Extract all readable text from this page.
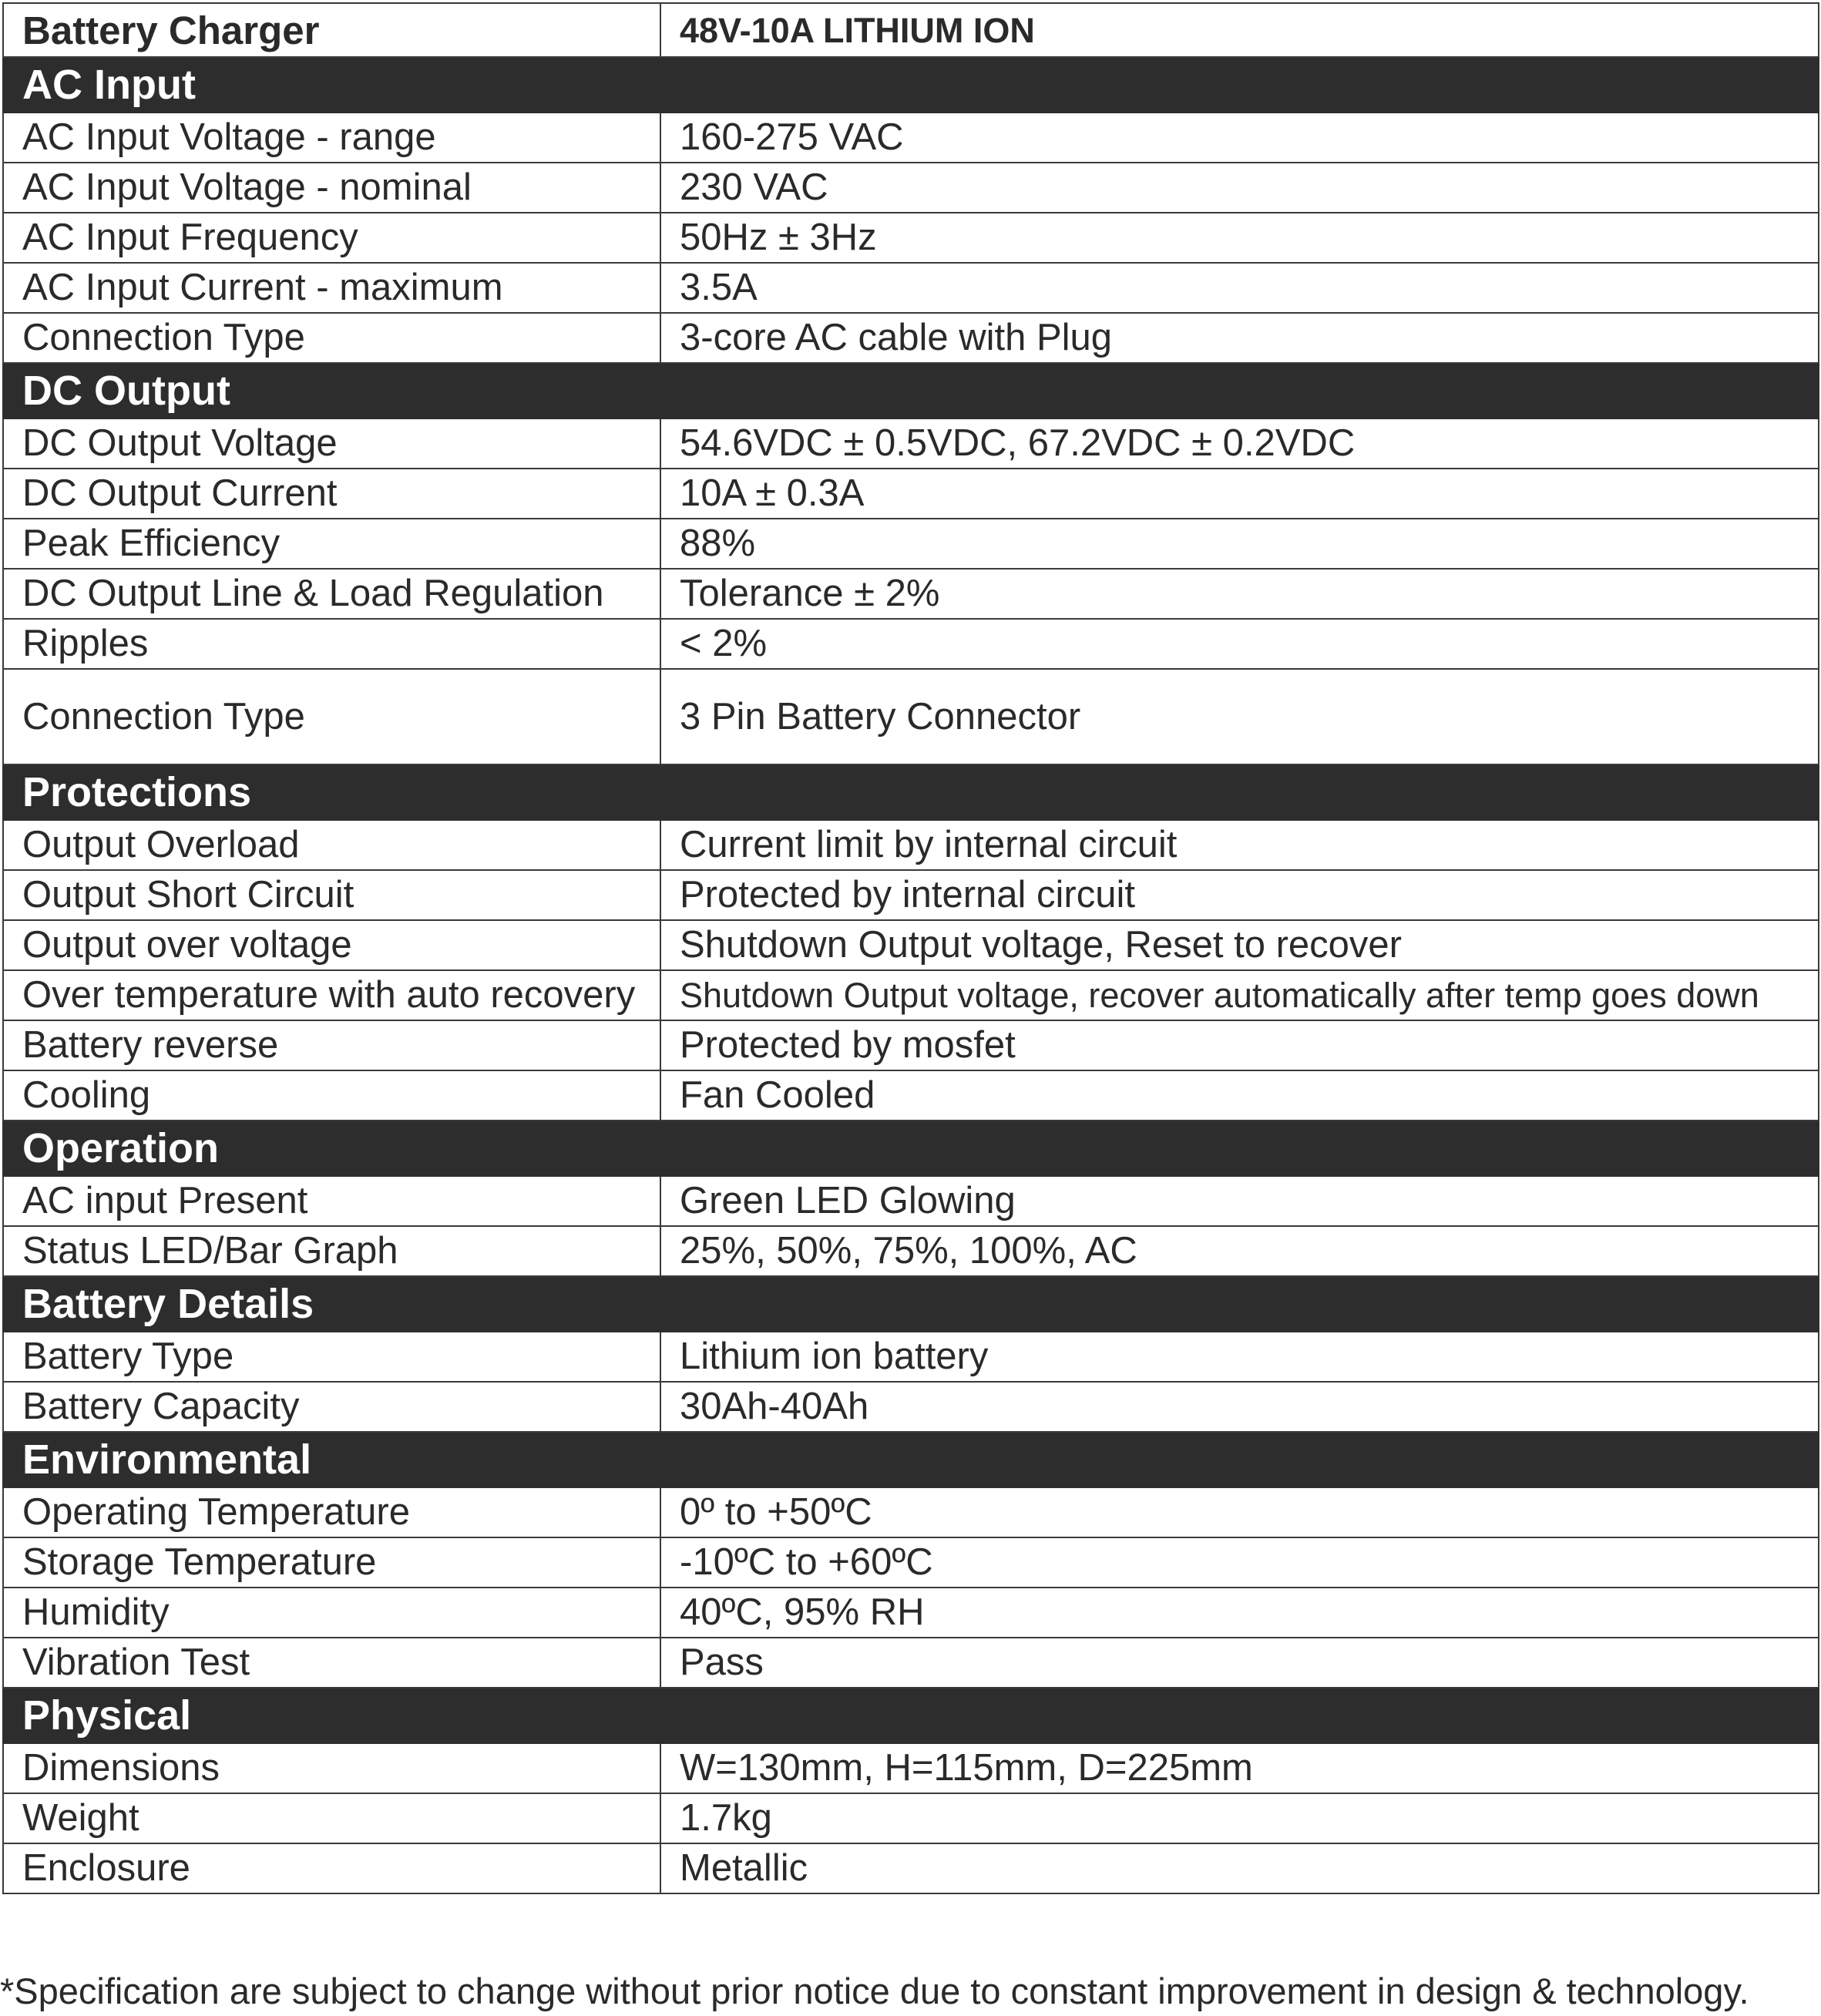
Battery Charger	48V-10A LITHIUM ION
AC Input	
AC Input Voltage - range	160-275 VAC
AC Input Voltage - nominal	230 VAC
AC Input Frequency	50Hz ± 3Hz
AC Input Current - maximum	3.5A
Connection Type	3-core AC cable with Plug
DC Output	
DC Output Voltage	54.6VDC ± 0.5VDC, 67.2VDC ± 0.2VDC
DC Output Current	10A ± 0.3A
Peak Efficiency	88%
DC Output Line & Load Regulation	Tolerance ± 2%
Ripples	< 2%
Connection Type	3 Pin Battery Connector
Protections	
Output Overload	Current limit by internal circuit
Output Short Circuit	Protected by internal circuit
Output over voltage	Shutdown Output voltage, Reset to recover
Over temperature with auto recovery	Shutdown Output voltage, recover automatically after temp goes down
Battery reverse	Protected by mosfet
Cooling	Fan Cooled
Operation	
AC input Present	Green LED Glowing
Status LED/Bar Graph	25%, 50%, 75%, 100%, AC
Battery Details	
Battery Type	Lithium ion battery
Battery Capacity	30Ah-40Ah
Environmental	
Operating Temperature	0º to +50ºC
Storage Temperature	-10ºC to +60ºC
Humidity	40ºC, 95% RH
Vibration Test	Pass
Physical	
Dimensions	W=130mm, H=115mm, D=225mm
Weight	1.7kg
Enclosure	Metallic
*Specification are subject to change without prior notice due to constant improvement in design & technology.
